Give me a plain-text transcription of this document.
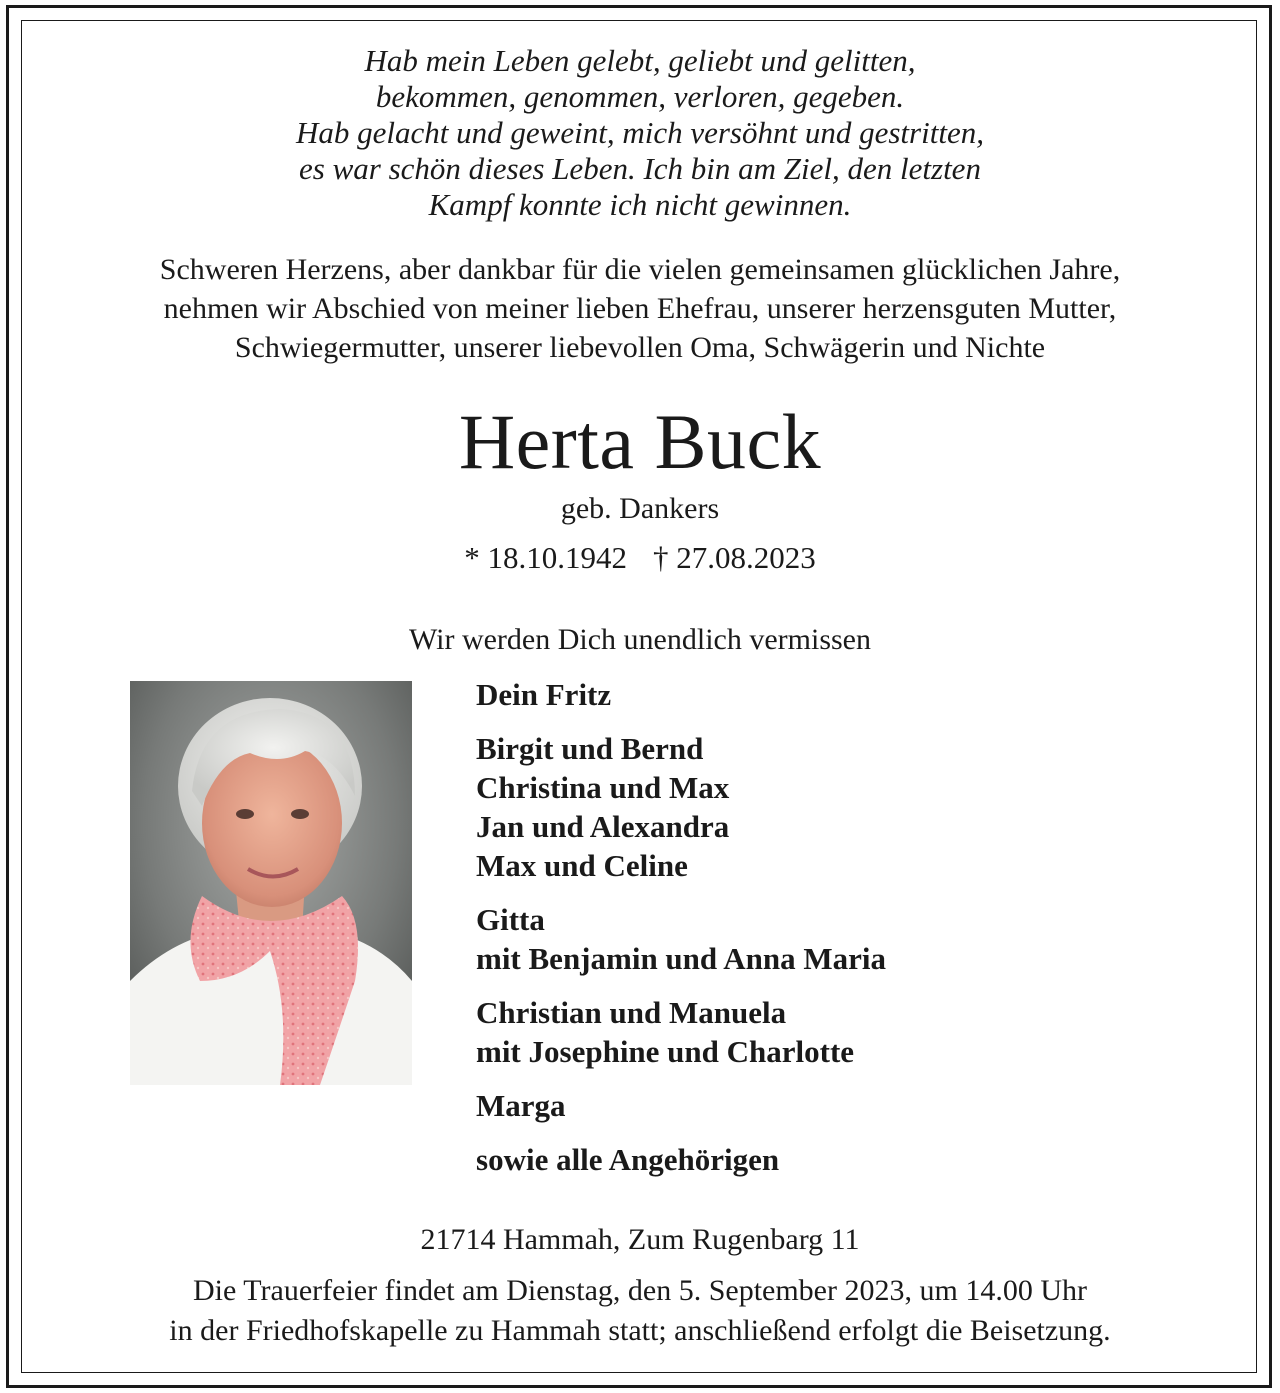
Hab mein Leben gelebt, geliebt und gelitten,
bekommen, genommen, verloren, gegeben.
Hab gelacht und geweint, mich versöhnt und gestritten,
es war schön dieses Leben. Ich bin am Ziel, den letzten
Kampf konnte ich nicht gewinnen.
Schweren Herzens, aber dankbar für die vielen gemeinsamen glücklichen Jahre,
nehmen wir Abschied von meiner lieben Ehefrau, unserer herzensguten Mutter,
Schwiegermutter, unserer liebevollen Oma, Schwägerin und Nichte
Herta Buck
geb. Dankers
* 18.10.1942 † 27.08.2023
Wir werden Dich unendlich vermissen
Dein Fritz
Birgit und Bernd
Christina und Max
Jan und Alexandra
Max und Celine
Gitta
mit Benjamin und Anna Maria
Christian und Manuela
mit Josephine und Charlotte
Marga
sowie alle Angehörigen
21714 Hammah, Zum Rugenbarg 11
Die Trauerfeier findet am Dienstag, den 5. September 2023, um 14.00 Uhr
in der Friedhofskapelle zu Hammah statt; anschließend erfolgt die Beisetzung.
